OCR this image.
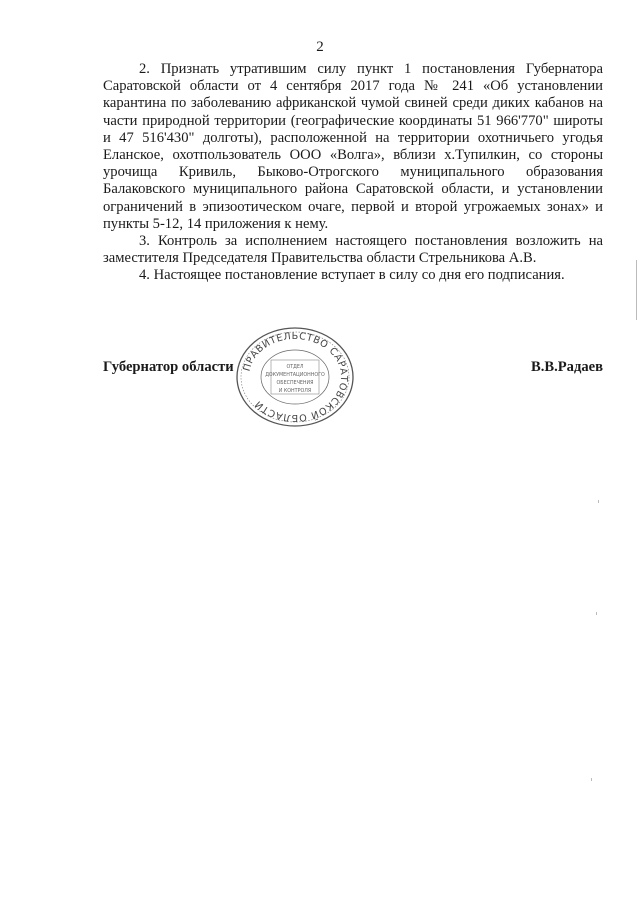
2

2. Признать утратившим силу пункт 1 постановления Губернатора Саратовской области от 4 сентября 2017 года № 241 «Об установлении карантина по заболеванию африканской чумой свиней среди диких кабанов на части природной территории (географические координаты 51 966'770" широты и 47 516'430" долготы), расположенной на территории охотничьего угодья Еланское, охотпользователь ООО «Волга», вблизи х.Тупилкин, со стороны урочища Кривиль, Быково-Отрогского муниципального образования Балаковского муниципального района Саратовской области, и установлении ограничений в эпизоотическом очаге, первой и второй угрожаемых зонах» и пункты 5-12, 14 приложения к нему.

3. Контроль за исполнением настоящего постановления возложить на заместителя Председателя Правительства области Стрельникова А.В.

4. Настоящее постановление вступает в силу со дня его подписания.

Губернатор области	В.В.Радаев
ПРАВИТЕЛЬСТВО САРАТОВСКОЙ ОБЛАСТИ
ОТДЕЛ
ДОКУМЕНТАЦИОННОГО
ОБЕСПЕЧЕНИЯ
И КОНТРОЛЯ
